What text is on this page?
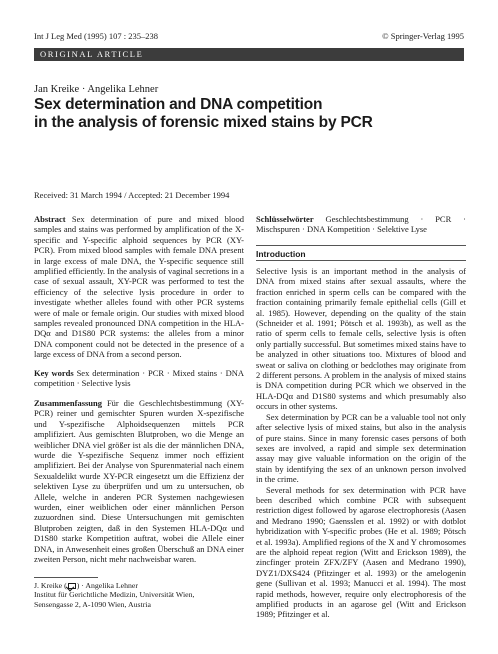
Int J Leg Med (1995) 107 : 235–238	© Springer-Verlag 1995
ORIGINAL ARTICLE
Jan Kreike · Angelika Lehner
Sex determination and DNA competition
in the analysis of forensic mixed stains by PCR
Received: 31 March 1994 / Accepted: 21 December 1994

Abstract Sex determination of pure and mixed blood samples and stains was performed by amplification of the X-specific and Y-specific alphoid sequences by PCR (XY-PCR). From mixed blood samples with female DNA present in large excess of male DNA, the Y-specific sequence still amplified efficiently. In the analysis of vaginal secretions in a case of sexual assault, XY-PCR was performed to test the efficiency of the selective lysis procedure in order to investigate whether alleles found with other PCR systems were of male or female origin. Our studies with mixed blood samples revealed pronounced DNA competition in the HLA-DQα and D1S80 PCR systems: the alleles from a minor DNA component could not be detected in the presence of a large excess of DNA from a second person.

Key words Sex determination · PCR · Mixed stains · DNA competition · Selective lysis

Zusammenfassung Für die Geschlechtsbestimmung (XY-PCR) reiner und gemischter Spuren wurden X-spezifische und Y-spezifische Alphoidsequenzen mittels PCR amplifiziert. Aus gemischten Blutproben, wo die Menge an weiblicher DNA viel größer ist als die der männlichen DNA, wurde die Y-spezifische Sequenz immer noch effizient amplifiziert. Bei der Analyse von Spurenmaterial nach einem Sexualdelikt wurde XY-PCR eingesetzt um die Effizienz der selektiven Lyse zu überprüfen und um zu untersuchen, ob Allele, welche in anderen PCR Systemen nachgewiesen wurden, einer weiblichen oder einer männlichen Person zuzuordnen sind. Diese Untersuchungen mit gemischten Blutproben zeigten, daß in den Systemen HLA-DQα und D1S80 starke Kompetition auftrat, wobei die Allele einer DNA, in Anwesenheit eines großen Überschuß an DNA einer zweiten Person, nicht mehr nachweisbar waren.

J. Kreike ( ) · Angelika Lehner
Institut für Gerichtliche Medizin, Universität Wien,
Sensengasse 2, A-1090 Wien, Austria

Schlüsselwörter Geschlechtsbestimmung · PCR · Mischspuren · DNA Kompetition · Selektive Lyse

Introduction

Selective lysis is an important method in the analysis of DNA from mixed stains after sexual assaults, where the fraction enriched in sperm cells can be compared with the fraction containing primarily female epithelial cells (Gill et al. 1985). However, depending on the quality of the stain (Schneider et al. 1991; Pötsch et al. 1993b), as well as the ratio of sperm cells to female cells, selective lysis is often only partially successful. But sometimes mixed stains have to be analyzed in other situations too. Mixtures of blood and sweat or saliva on clothing or bedclothes may originate from 2 different persons. A problem in the analysis of mixed stains is DNA competition during PCR which we observed in the HLA-DQα and D1S80 systems and which presumably also occurs in other systems.

Sex determination by PCR can be a valuable tool not only after selective lysis of mixed stains, but also in the analysis of pure stains. Since in many forensic cases persons of both sexes are involved, a rapid and simple sex determination assay may give valuable information on the origin of the stain by identifying the sex of an unknown person involved in the crime.

Several methods for sex determination with PCR have been described which combine PCR with subsequent restriction digest followed by agarose electrophoresis (Aasen and Medrano 1990; Gaensslen et al. 1992) or with dotblot hybridization with Y-specific probes (He et al. 1989; Pötsch et al. 1993a). Amplified regions of the X and Y chromosomes are the alphoid repeat region (Witt and Erickson 1989), the zincfinger protein ZFX/ZFY (Aasen and Medrano 1990), DYZ1/DXS424 (Pfitzinger et al. 1993) or the amelogenin gene (Sullivan et al. 1993; Manucci et al. 1994). The most rapid methods, however, require only electrophoresis of the amplified products in an agarose gel (Witt and Erickson 1989; Pfitzinger et al.
